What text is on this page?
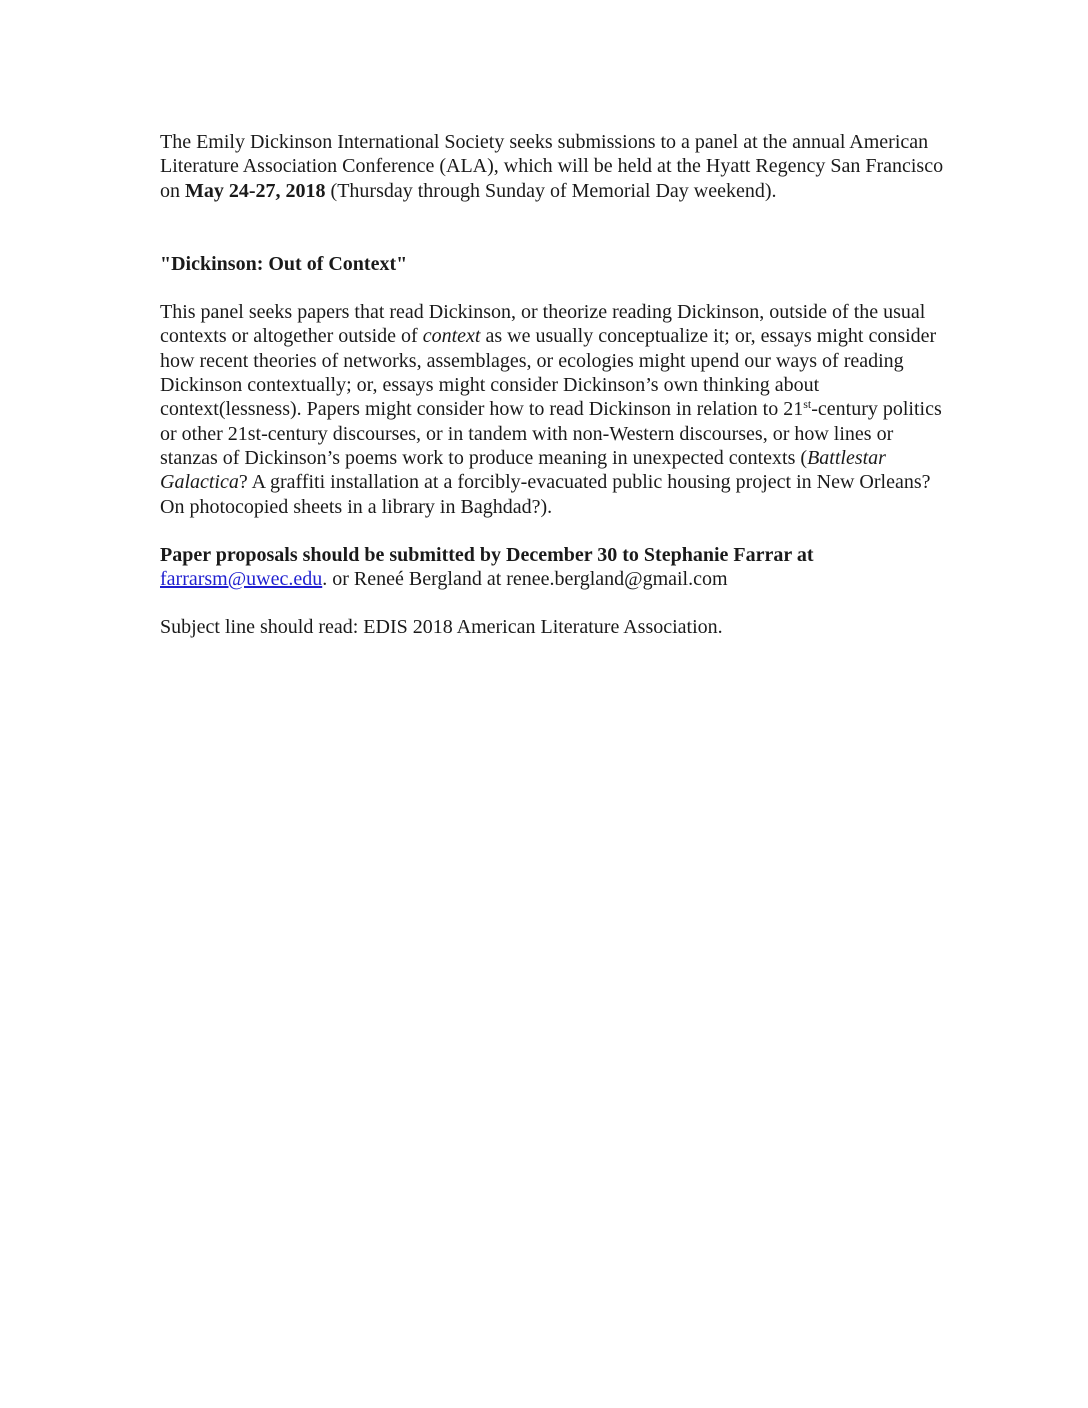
The Emily Dickinson International Society seeks submissions to a panel at the annual American Literature Association Conference (ALA), which will be held at the Hyatt Regency San Francisco on May 24-27, 2018 (Thursday through Sunday of Memorial Day weekend).

"Dickinson: Out of Context"

This panel seeks papers that read Dickinson, or theorize reading Dickinson, outside of the usual contexts or altogether outside of context as we usually conceptualize it; or, essays might consider how recent theories of networks, assemblages, or ecologies might upend our ways of reading Dickinson contextually; or, essays might consider Dickinson’s own thinking about context(lessness). Papers might consider how to read Dickinson in relation to 21st-century politics or other 21st-century discourses, or in tandem with non-Western discourses, or how lines or stanzas of Dickinson’s poems work to produce meaning in unexpected contexts (Battlestar Galactica? A graffiti installation at a forcibly-evacuated public housing project in New Orleans? On photocopied sheets in a library in Baghdad?).

Paper proposals should be submitted by December 30 to Stephanie Farrar at
farrarsm@uwec.edu. or Reneé Bergland at renee.bergland@gmail.com

Subject line should read: EDIS 2018 American Literature Association.
